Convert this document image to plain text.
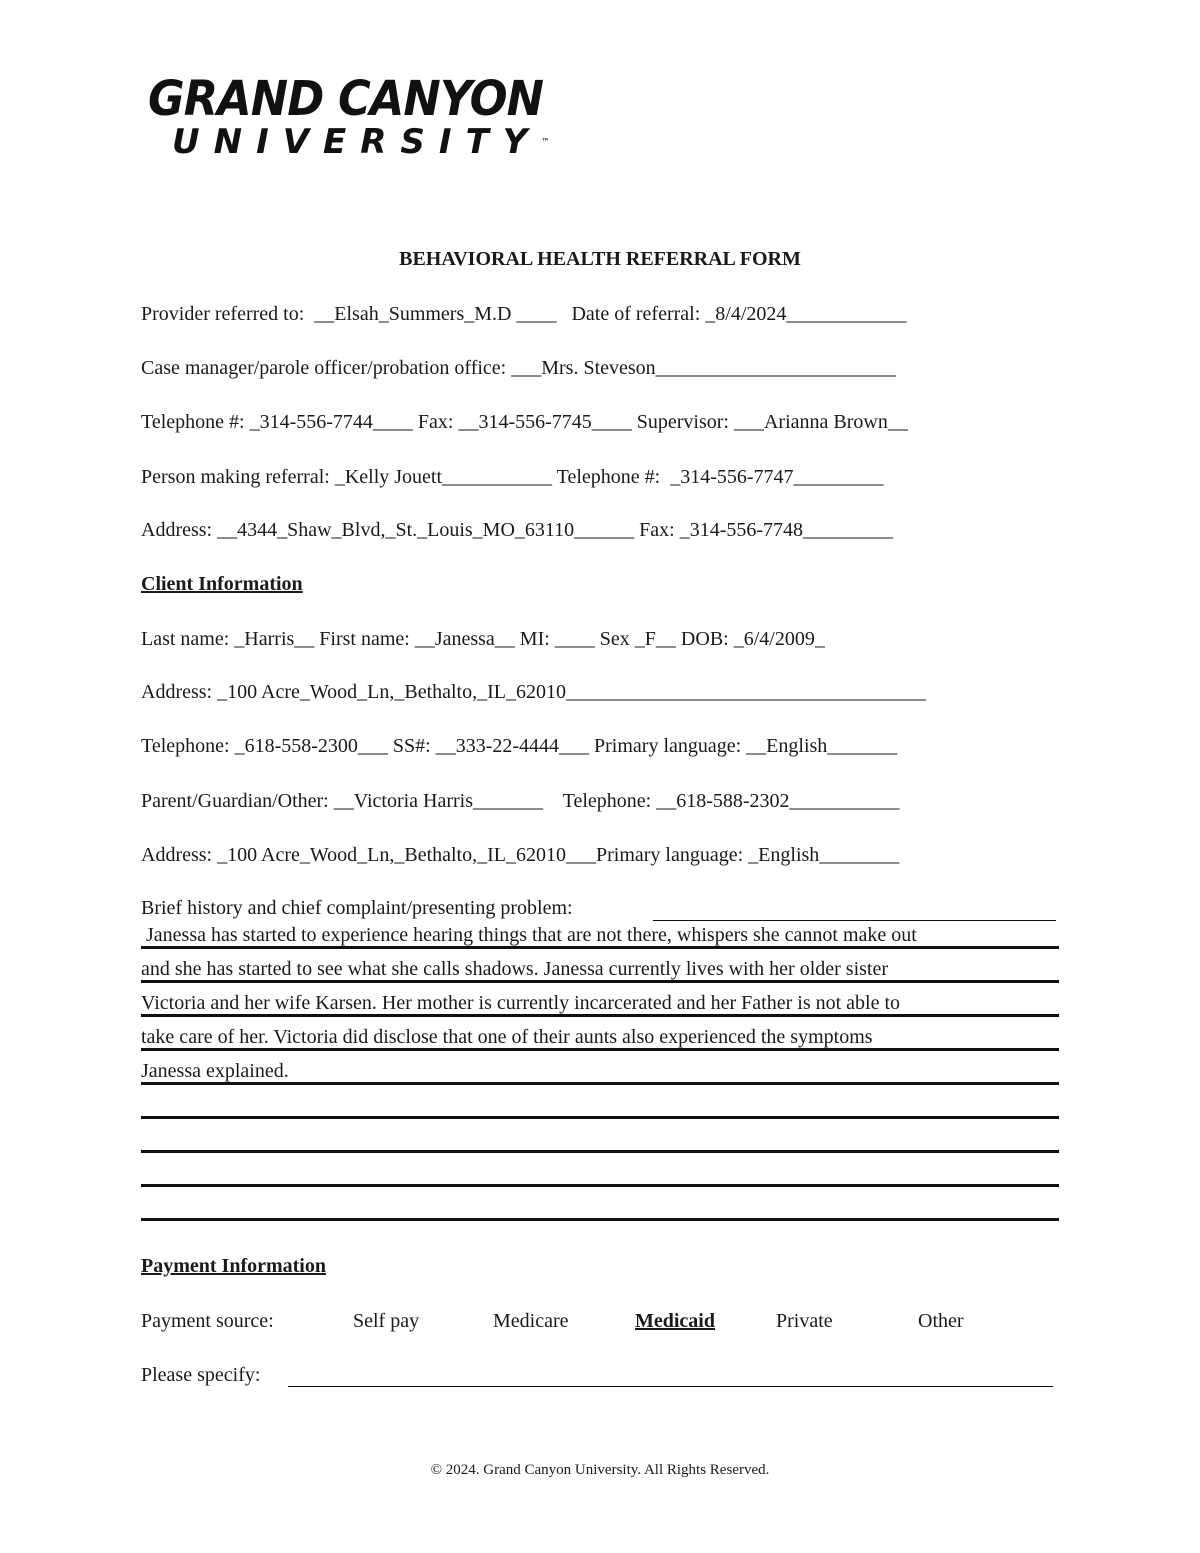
GRAND CANYON
UNIVERSITY™
BEHAVIORAL HEALTH REFERRAL FORM
Provider referred to:  __Elsah_Summers_M.D ____   Date of referral: _8/4/2024____________
Case manager/parole officer/probation office: ___Mrs. Steveson________________________
Telephone #: _314-556-7744____ Fax: __314-556-7745____ Supervisor: ___Arianna Brown__
Person making referral: _Kelly Jouett___________ Telephone #:  _314-556-7747_________
Address: __4344_Shaw_Blvd,_St._Louis_MO_63110______ Fax: _314-556-7748_________
Client Information
Last name: _Harris__ First name: __Janessa__ MI: ____ Sex _F__ DOB: _6/4/2009_
Address: _100 Acre_Wood_Ln,_Bethalto,_IL_62010____________________________________
Telephone: _618-558-2300___ SS#: __333-22-4444___ Primary language: __English_______
Parent/Guardian/Other: __Victoria Harris_______    Telephone: __618-588-2302___________
Address: _100 Acre_Wood_Ln,_Bethalto,_IL_62010___Primary language: _English________
Brief history and chief complaint/presenting problem:
Janessa has started to experience hearing things that are not there, whispers she cannot make out
and she has started to see what she calls shadows. Janessa currently lives with her older sister
Victoria and her wife Karsen. Her mother is currently incarcerated and her Father is not able to
take care of her. Victoria did disclose that one of their aunts also experienced the symptoms
Janessa explained.
Payment Information
Payment source:	Self pay	Medicare	Medicaid	Private	Other
Please specify:
© 2024. Grand Canyon University. All Rights Reserved.
